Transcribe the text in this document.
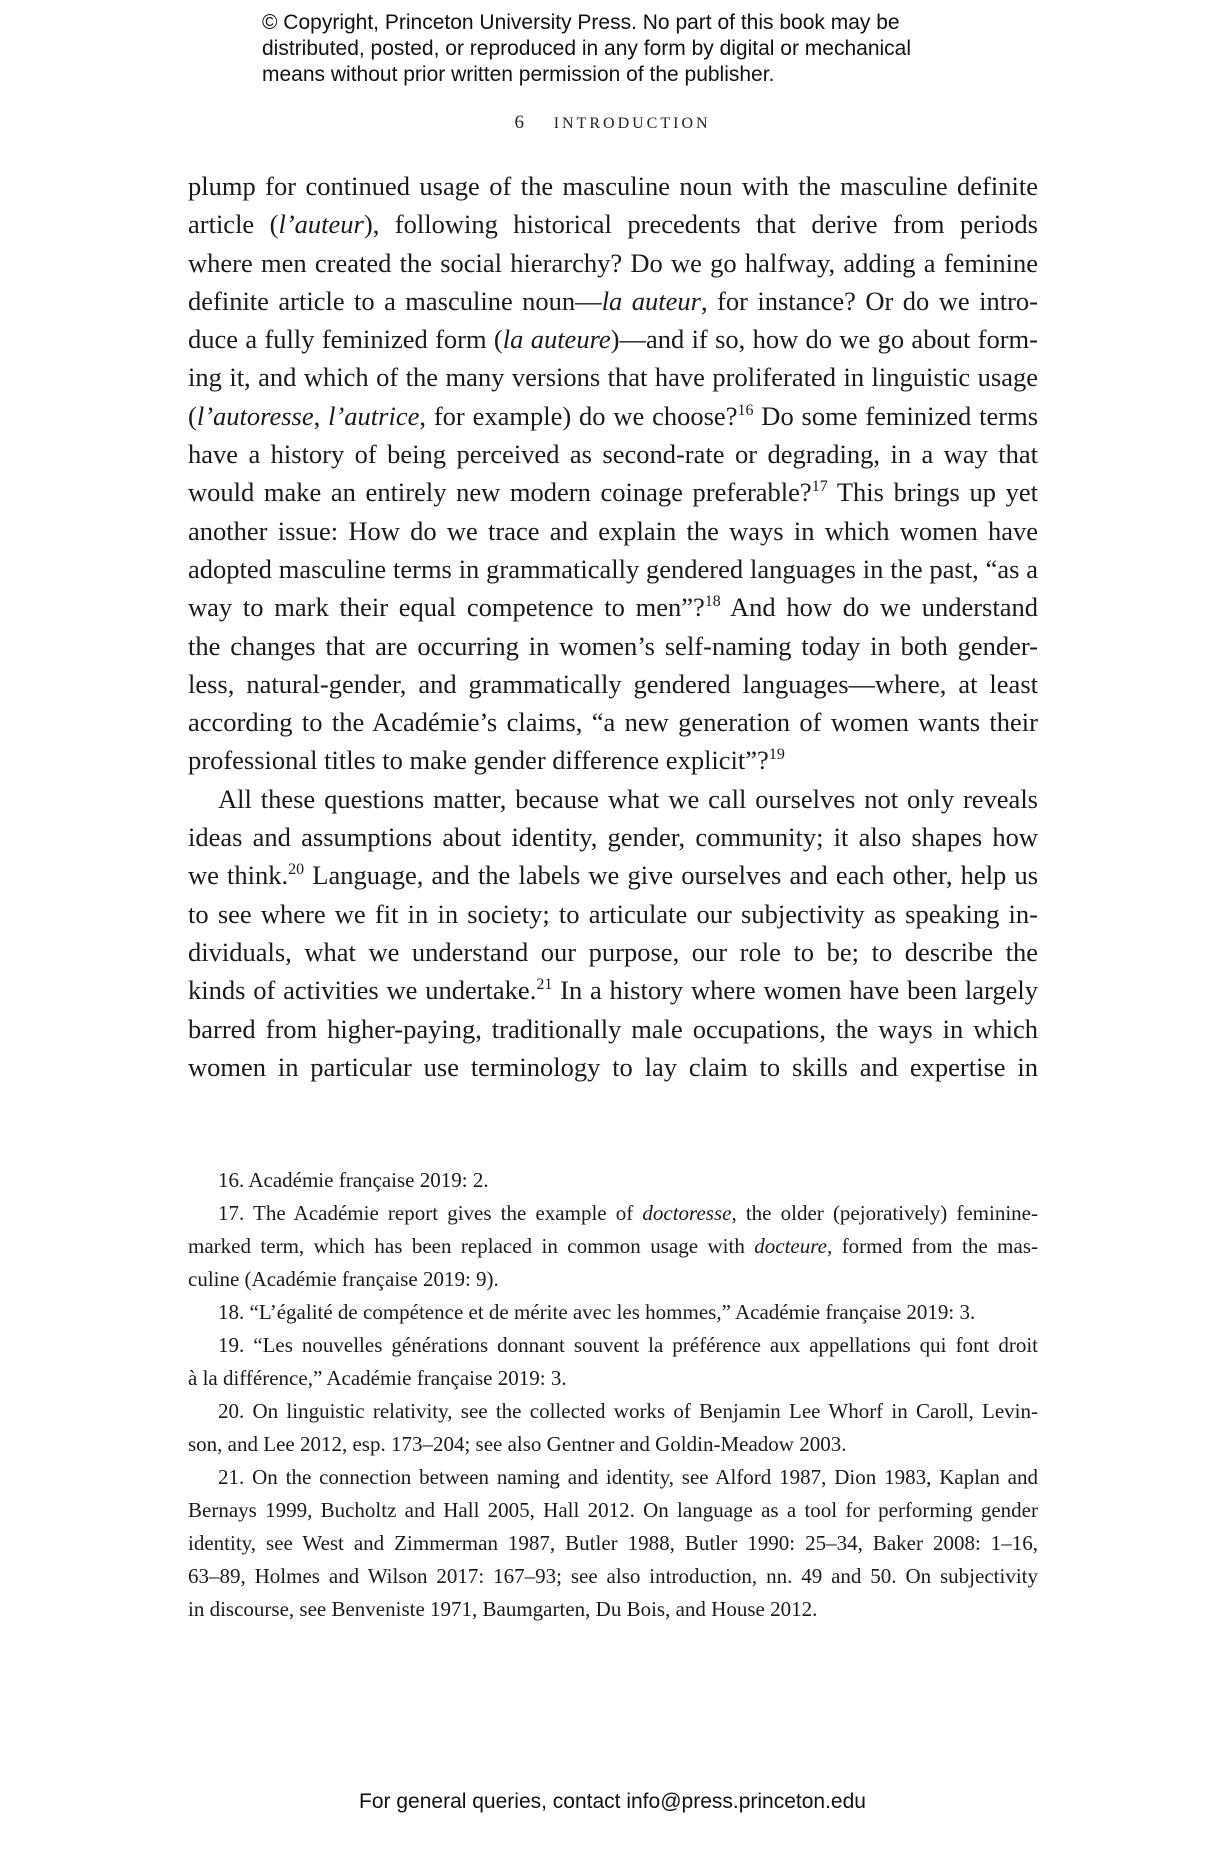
© Copyright, Princeton University Press. No part of this book may be
distributed, posted, or reproduced in any form by digital or mechanical
means without prior written permission of the publisher.
6 INTRODUCTION
plump for continued usage of the masculine noun with the masculine definite
article (l’auteur), following historical precedents that derive from periods
where men created the social hierarchy? Do we go halfway, adding a feminine
definite article to a masculine noun—la auteur, for instance? Or do we intro-
duce a fully feminized form (la auteure)—and if so, how do we go about form-
ing it, and which of the many versions that have proliferated in linguistic usage
(l’autoresse, l’autrice, for example) do we choose?$^{16}$ Do some feminized terms
have a history of being perceived as second-rate or degrading, in a way that
would make an entirely new modern coinage preferable?$^{17}$ This brings up yet
another issue: How do we trace and explain the ways in which women have
adopted masculine terms in grammatically gendered languages in the past, “as a
way to mark their equal competence to men”?$^{18}$ And how do we understand
the changes that are occurring in women’s self-naming today in both gender-
less, natural-gender, and grammatically gendered languages—where, at least
according to the Académie’s claims, “a new generation of women wants their
professional titles to make gender difference explicit”?$^{19}$
All these questions matter, because what we call ourselves not only reveals
ideas and assumptions about identity, gender, community; it also shapes how
we think.$^{20}$ Language, and the labels we give ourselves and each other, help us
to see where we fit in in society; to articulate our subjectivity as speaking in-
dividuals, what we understand our purpose, our role to be; to describe the
kinds of activities we undertake.$^{21}$ In a history where women have been largely
barred from higher-paying, traditionally male occupations, the ways in which
women in particular use terminology to lay claim to skills and expertise in
16. Académie française 2019: 2.
17. The Académie report gives the example of doctoresse, the older (pejoratively) feminine-
marked term, which has been replaced in common usage with docteure, formed from the mas-
culine (Académie française 2019: 9).
18. “L’égalité de compétence et de mérite avec les hommes,” Académie française 2019: 3.
19. “Les nouvelles générations donnant souvent la préférence aux appellations qui font droit
à la différence,” Académie française 2019: 3.
20. On linguistic relativity, see the collected works of Benjamin Lee Whorf in Caroll, Levin-
son, and Lee 2012, esp. 173–204; see also Gentner and Goldin-Meadow 2003.
21. On the connection between naming and identity, see Alford 1987, Dion 1983, Kaplan and
Bernays 1999, Bucholtz and Hall 2005, Hall 2012. On language as a tool for performing gender
identity, see West and Zimmerman 1987, Butler 1988, Butler 1990: 25–34, Baker 2008: 1–16,
63–89, Holmes and Wilson 2017: 167–93; see also introduction, nn. 49 and 50. On subjectivity
in discourse, see Benveniste 1971, Baumgarten, Du Bois, and House 2012.
For general queries, contact info@press.princeton.edu
